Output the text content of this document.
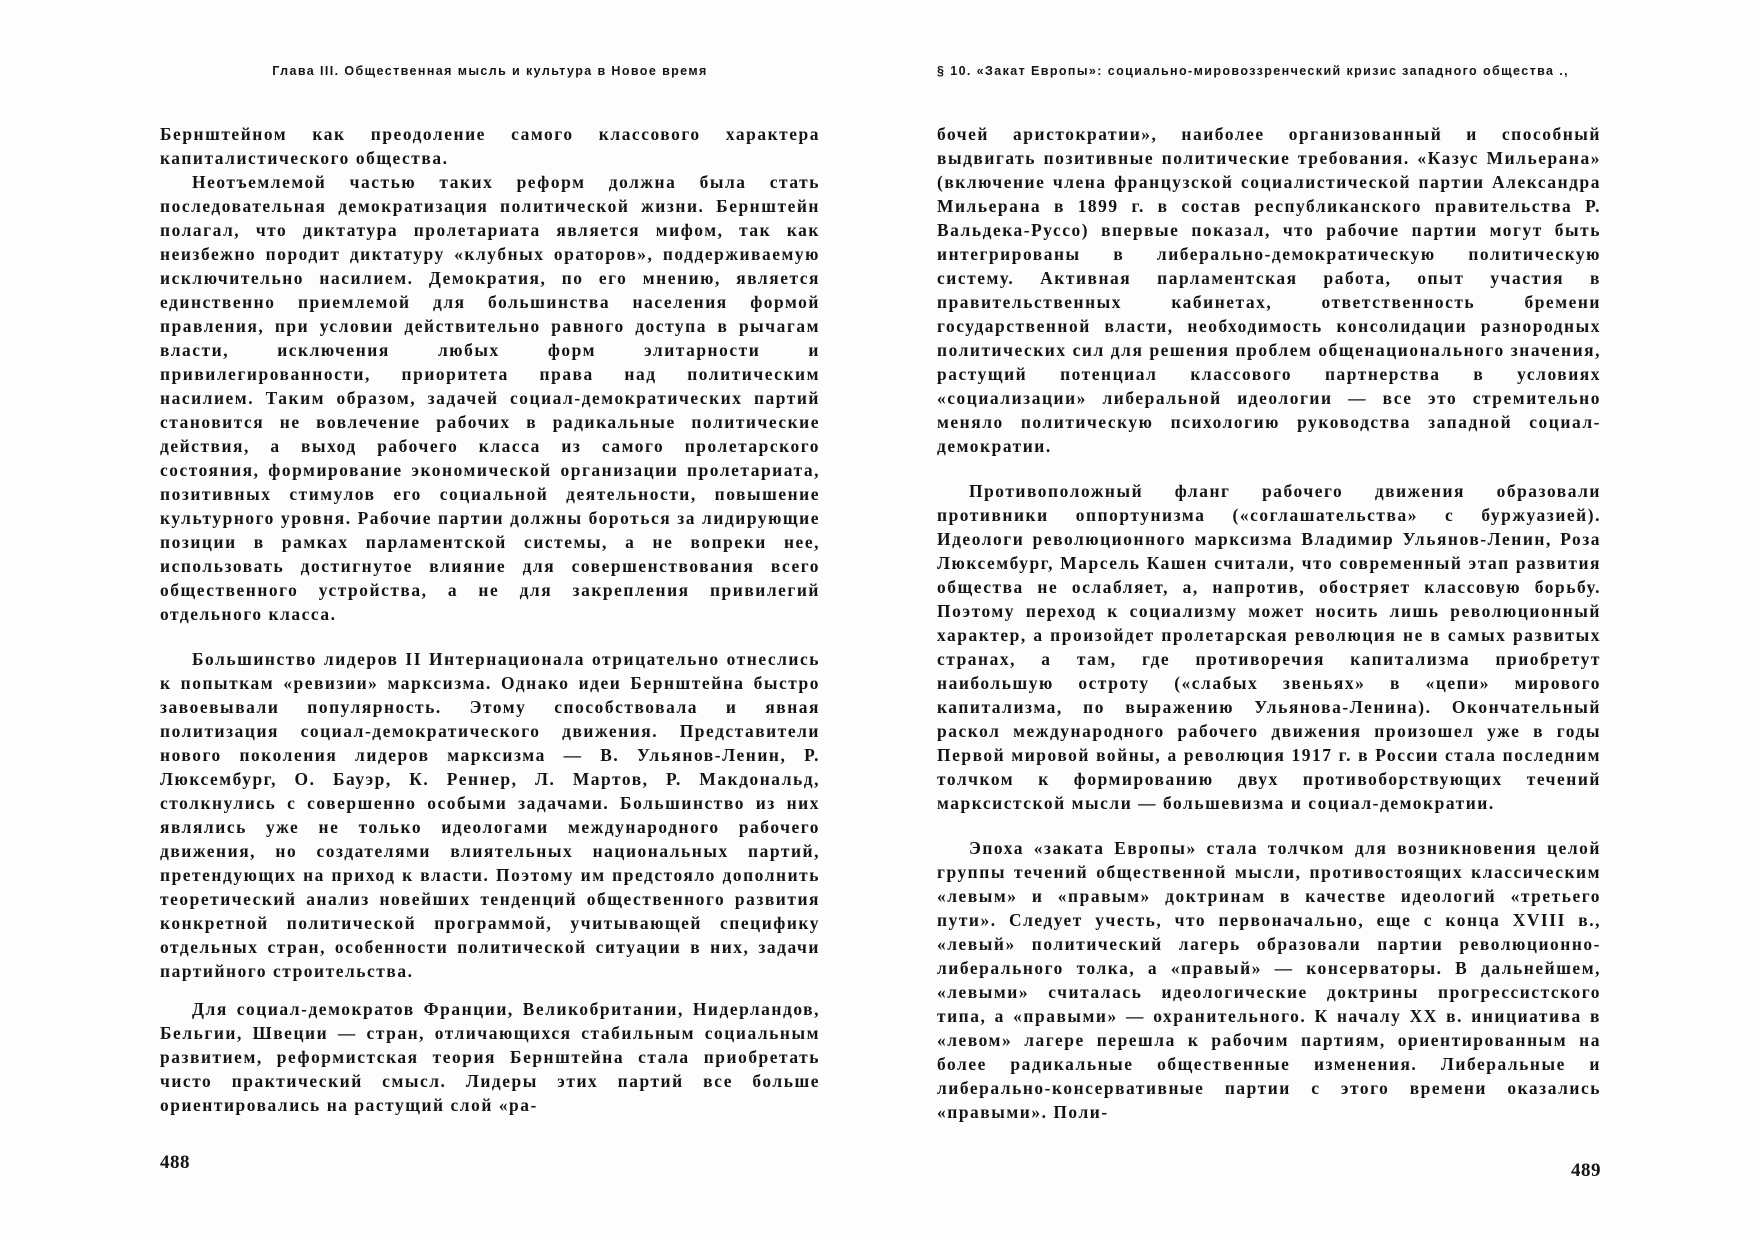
Глава III. Общественная мысль и культура в Новое время

Бернштейном как преодоление самого классового характера капиталистического общества.

Неотъемлемой частью таких реформ должна была стать последовательная демократизация политической жизни. Бернштейн полагал, что диктатура пролетариата является мифом, так как неизбежно породит диктатуру «клубных ораторов», поддерживаемую исключительно насилием. Демократия, по его мнению, является единственно приемлемой для большинства населения формой правления, при условии действительно равного доступа в рычагам власти, исключения любых форм элитарности и привилегированности, приоритета права над политическим насилием. Таким образом, задачей социал-демократических партий становится не вовлечение рабочих в радикальные политические действия, а выход рабочего класса из самого пролетарского состояния, формирование экономической организации пролетариата, позитивных стимулов его социальной деятельности, повышение культурного уровня. Рабочие партии должны бороться за лидирующие позиции в рамках парламентской системы, а не вопреки нее, использовать достигнутое влияние для совершенствования всего общественного устройства, а не для закрепления привилегий отдельного класса.

Большинство лидеров II Интернационала отрицательно отнеслись к попыткам «ревизии» марксизма. Однако идеи Бернштейна быстро завоевывали популярность. Этому способствовала и явная политизация социал-демократического движения. Представители нового поколения лидеров марксизма — В. Ульянов-Ленин, Р. Люксембург, О. Бауэр, К. Реннер, Л. Мартов, Р. Макдональд, столкнулись с совершенно особыми задачами. Большинство из них являлись уже не только идеологами международного рабочего движения, но создателями влиятельных национальных партий, претендующих на приход к власти. Поэтому им предстояло дополнить теоретический анализ новейших тенденций общественного развития конкретной политической программой, учитывающей специфику отдельных стран, особенности политической ситуации в них, задачи партийного строительства.

Для социал-демократов Франции, Великобритании, Нидерландов, Бельгии, Швеции — стран, отличающихся стабильным социальным развитием, реформистская теория Бернштейна стала приобретать чисто практический смысл. Лидеры этих партий все больше ориентировались на растущий слой «ра-

488
§ 10. «Закат Европы»: социально-мировоззренческий кризис западного общества .,

бочей аристократии», наиболее организованный и способный выдвигать позитивные политические требования. «Казус Мильерана» (включение члена французской социалистической партии Александра Мильерана в 1899 г. в состав республиканского правительства Р. Вальдека-Руссо) впервые показал, что рабочие партии могут быть интегрированы в либерально-демократическую политическую систему. Активная парламентская работа, опыт участия в правительственных кабинетах, ответственность бремени государственной власти, необходимость консолидации разнородных политических сил для решения проблем общенационального значения, растущий потенциал классового партнерства в условиях «социализации» либеральной идеологии — все это стремительно меняло политическую психологию руководства западной социал-демократии.

Противоположный фланг рабочего движения образовали противники оппортунизма («соглашательства» с буржуазией). Идеологи революционного марксизма Владимир Ульянов-Ленин, Роза Люксембург, Марсель Кашен считали, что современный этап развития общества не ослабляет, а, напротив, обостряет классовую борьбу. Поэтому переход к социализму может носить лишь революционный характер, а произойдет пролетарская революция не в самых развитых странах, а там, где противоречия капитализма приобретут наибольшую остроту («слабых звеньях» в «цепи» мирового капитализма, по выражению Ульянова-Ленина). Окончательный раскол международного рабочего движения произошел уже в годы Первой мировой войны, а революция 1917 г. в России стала последним толчком к формированию двух противоборствующих течений марксистской мысли — большевизма и социал-демократии.

Эпоха «заката Европы» стала толчком для возникновения целой группы течений общественной мысли, противостоящих классическим «левым» и «правым» доктринам в качестве идеологий «третьего пути». Следует учесть, что первоначально, еще с конца XVIII в., «левый» политический лагерь образовали партии революционно-либерального толка, а «правый» — консерваторы. В дальнейшем, «левыми» считалась идеологические доктрины прогрессистского типа, а «правыми» — охранительного. К началу XX в. инициатива в «левом» лагере перешла к рабочим партиям, ориентированным на более радикальные общественные изменения. Либеральные и либерально-консервативные партии с этого времени оказались «правыми». Поли-

489
